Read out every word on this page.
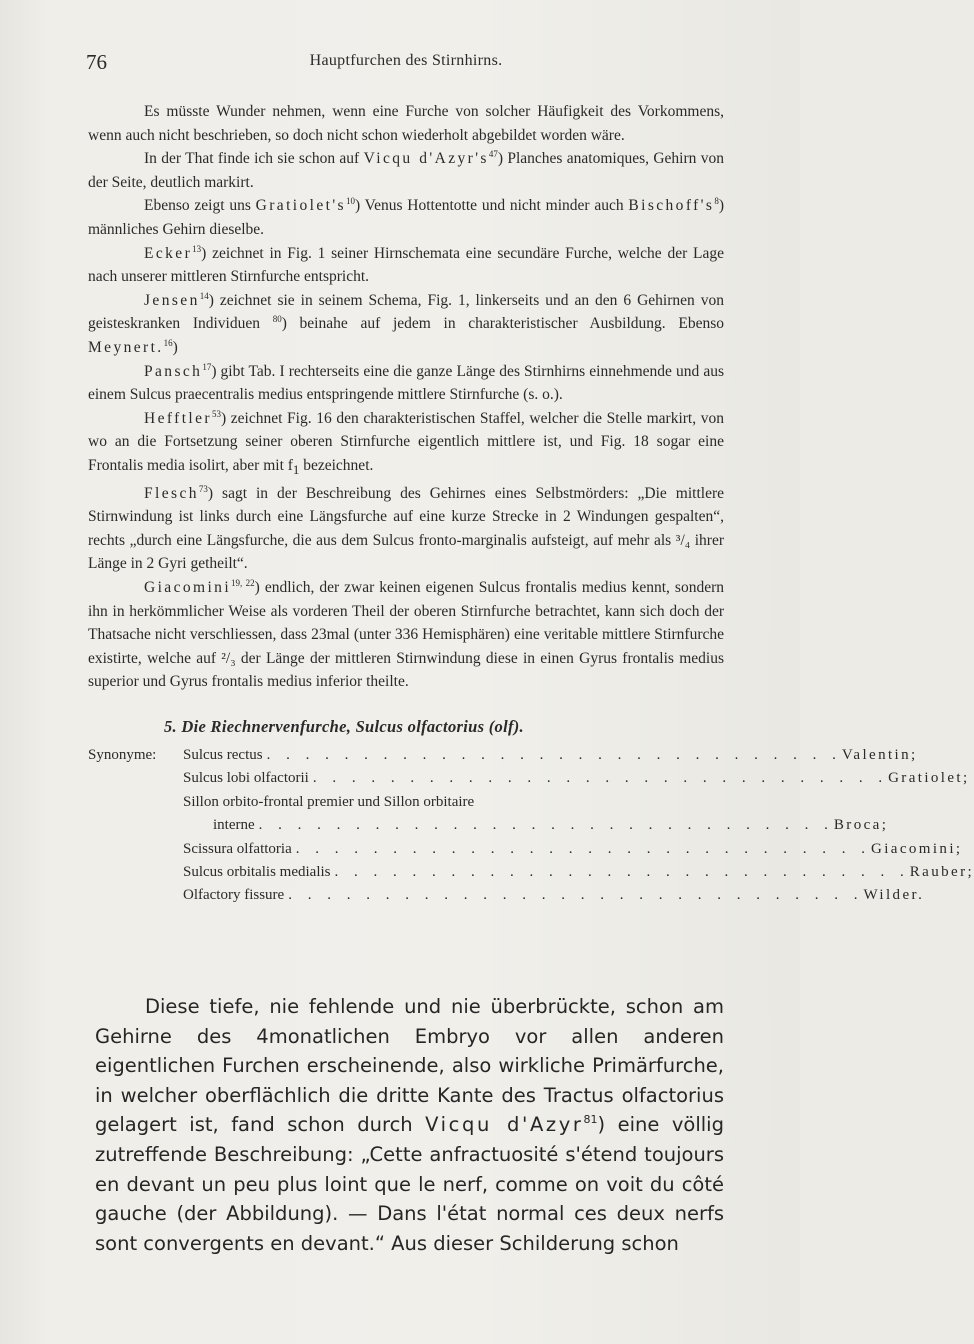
76	Hauptfurchen des Stirnhirns.

Es müsste Wunder nehmen, wenn eine Furche von solcher Häufigkeit des Vorkommens, wenn auch nicht beschrieben, so doch nicht schon wiederholt abgebildet worden wäre.

In der That finde ich sie schon auf Vicqu $d'Azyr's^{47}$) Planches anatomiques, Gehirn von der Seite, deutlich markirt.

Ebenso zeigt uns $Gratiolet's^{10}$) Venus Hottentotte und nicht minder auch $Bischoff's^8$) männliches Gehirn dieselbe.

Ecker$^{13}$) zeichnet in Fig. 1 seiner Hirnschemata eine secundäre Furche, welche der Lage nach unserer mittleren Stirnfurche entspricht.

Jensen$^{14}$) zeichnet sie in seinem Schema, Fig. 1, linkerseits und an den 6 Gehirnen von geisteskranken Individuen $^{80}$) beinahe auf jedem in charakteristischer Ausbildung. Ebenso Meynert.$^{16}$)

Pansch$^{17}$) gibt Tab. I rechterseits eine die ganze Länge des Stirnhirns einnehmende und aus einem Sulcus praecentralis medius entspringende mittlere Stirnfurche (s. o.).

Hefftler$^{53}$) zeichnet Fig. 16 den charakteristischen Staffel, welcher die Stelle markirt, von wo an die Fortsetzung seiner oberen Stirnfurche eigentlich mittlere ist, und Fig. 18 sogar eine Frontalis media isolirt, aber mit $f_1$ bezeichnet.

Flesch$^{73}$) sagt in der Beschreibung des Gehirnes eines Selbstmörders: „Die mittlere Stirnwindung ist links durch eine Längsfurche auf eine kurze Strecke in 2 Windungen gespalten“, rechts „durch eine Längsfurche, die aus dem Sulcus fronto-marginalis aufsteigt, auf mehr als ³/₄ ihrer Länge in 2 Gyri getheilt“.

Giacomini$^{19, 22}$) endlich, der zwar keinen eigenen Sulcus frontalis medius kennt, sondern ihn in herkömmlicher Weise als vorderen Theil der oberen Stirnfurche betrachtet, kann sich doch der Thatsache nicht verschliessen, dass 23mal (unter 336 Hemisphären) eine veritable mittlere Stirnfurche existirte, welche auf ²/₃ der Länge der mittleren Stirnwindung diese in einen Gyrus frontalis medius superior und Gyrus frontalis medius inferior theilte.

5. Die Riechnervenfurche, Sulcus olfactorius (olf).
Synonyme:	Sulcus rectus . . . . . . . . . . . . . . . . . . . . . . . . . . . . . . Valentin;
Sulcus lobi olfactorii . . . . . . . . . . . . . . . . . . . . . . . . . . . . . . Gratiolet;
Sillon orbito-frontal premier und Sillon orbitaire
interne . . . . . . . . . . . . . . . . . . . . . . . . . . . . . . Broca;
Scissura olfattoria . . . . . . . . . . . . . . . . . . . . . . . . . . . . . . Giacomini;
Sulcus orbitalis medialis . . . . . . . . . . . . . . . . . . . . . . . . . . . . . . Rauber;
Olfactory fissure . . . . . . . . . . . . . . . . . . . . . . . . . . . . . . Wilder.

Diese tiefe, nie fehlende und nie überbrückte, schon am Gehirne des 4monatlichen Embryo vor allen anderen eigentlichen Furchen erscheinende, also wirkliche Primärfurche, in welcher oberflächlich die dritte Kante des Tractus olfactorius gelagert ist, fand schon durch Vicqu d'Azyr$^{81}$) eine völlig zutreffende Beschreibung: „Cette anfractuosité s'étend toujours en devant un peu plus loint que le nerf, comme on voit du côté gauche (der Abbildung). — Dans l'état normal ces deux nerfs sont convergents en devant.“ Aus dieser Schilderung schon
